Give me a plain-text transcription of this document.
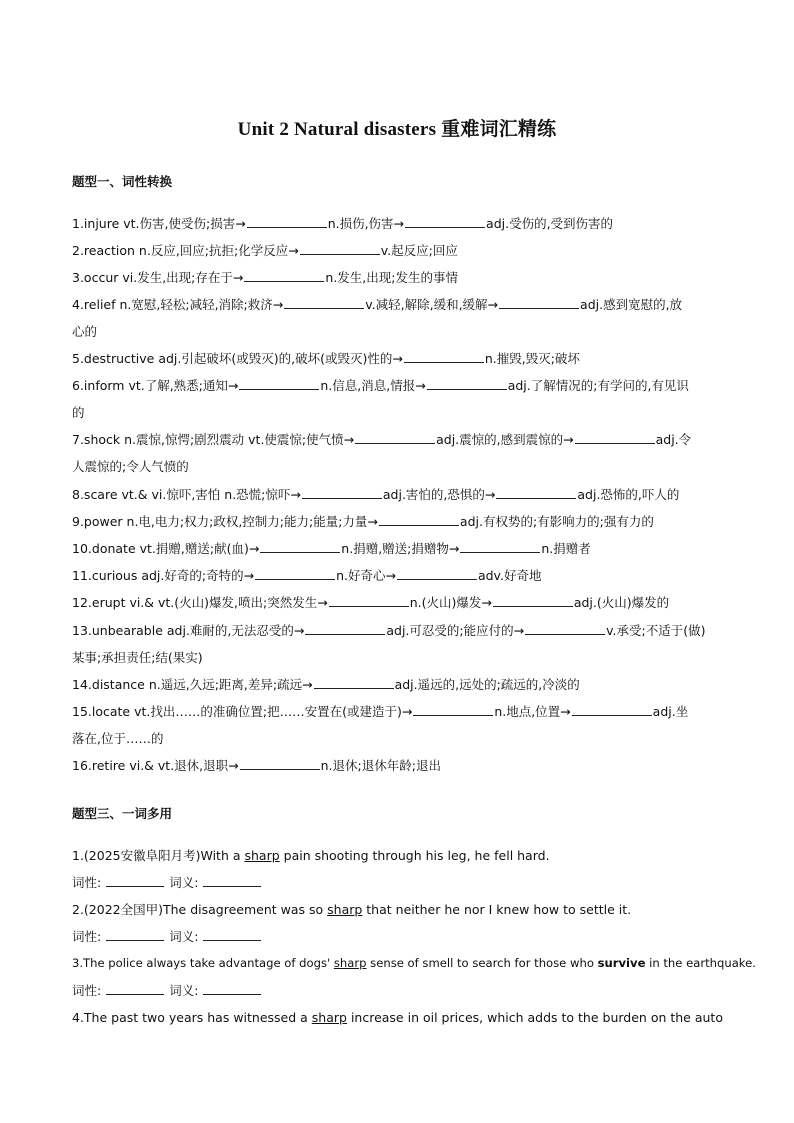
Unit 2 Natural disasters 重难词汇精练
题型一、词性转换
1.injure vt.伤害,使受伤;损害→	n.损伤,伤害→	adj.受伤的,受到伤害的
2.reaction n.反应,回应;抗拒;化学反应→	v.起反应;回应
3.occur vi.发生,出现;存在于→	n.发生,出现;发生的事情
4.relief n.宽慰,轻松;减轻,消除;救济→	v.减轻,解除,缓和,缓解→	adj.感到宽慰的,放
心的
5.destructive adj.引起破坏(或毁灭)的,破坏(或毁灭)性的→	n.摧毁,毁灭;破坏
6.inform vt.了解,熟悉;通知→	n.信息,消息,情报→	adj.了解情况的;有学问的,有见识
的
7.shock n.震惊,惊愕;剧烈震动 vt.使震惊;使气愤→	adj.震惊的,感到震惊的→	adj.令
人震惊的;令人气愤的
8.scare vt.& vi.惊吓,害怕 n.恐慌;惊吓→	adj.害怕的,恐惧的→	adj.恐怖的,吓人的
9.power n.电,电力;权力;政权,控制力;能力;能量;力量→	adj.有权势的;有影响力的;强有力的
10.donate vt.捐赠,赠送;献(血)→	n.捐赠,赠送;捐赠物→	n.捐赠者
11.curious adj.好奇的;奇特的→	n.好奇心→	adv.好奇地
12.erupt vi.& vt.(火山)爆发,喷出;突然发生→	n.(火山)爆发→	adj.(火山)爆发的
13.unbearable adj.难耐的,无法忍受的→	adj.可忍受的;能应付的→	v.承受;不适于(做)
某事;承担责任;结(果实)
14.distance n.遥远,久远;距离,差异;疏远→	adj.遥远的,远处的;疏远的,冷淡的
15.locate vt.找出……的准确位置;把……安置在(或建造于)→	n.地点,位置→	adj.坐
落在,位于……的
16.retire vi.& vt.退休,退职→	n.退休;退休年龄;退出
题型三、一词多用
1.(2025安徽阜阳月考)With a sharp pain shooting through his leg, he fell hard.
词性:	词义:
2.(2022全国甲)The disagreement was so sharp that neither he nor I knew how to settle it.
词性:	词义:
3.The police always take advantage of dogs' sharp sense of smell to search for those who survive in the earthquake.
词性:	词义:
4.The past two years has witnessed a sharp increase in oil prices, which adds to the burden on the auto
